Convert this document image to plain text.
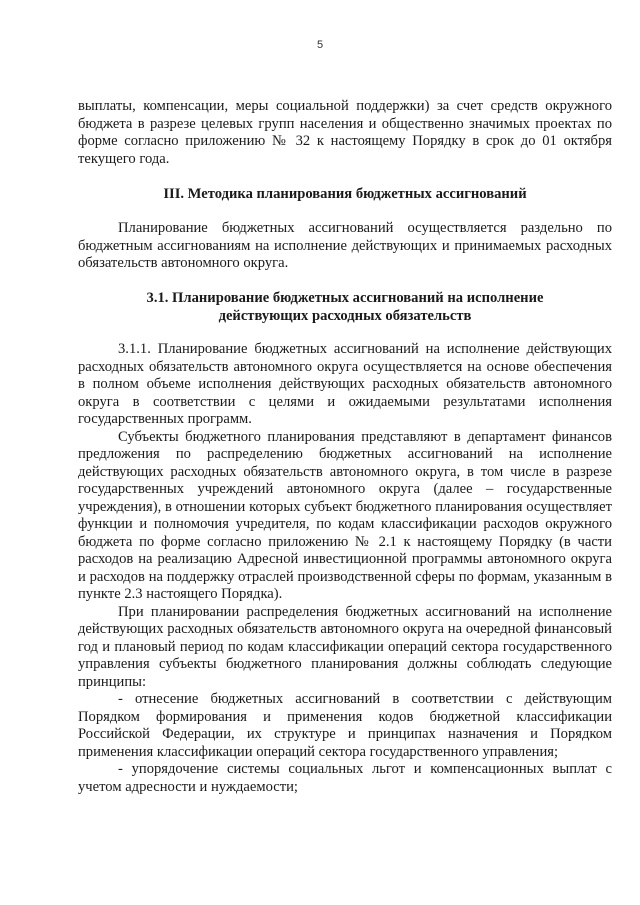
5

выплаты, компенсации, меры социальной поддержки) за счет средств окружного бюджета в разрезе целевых групп населения и общественно значимых проектах по форме согласно приложению № 32 к настоящему Порядку в срок до 01 октября текущего года.

III. Методика планирования бюджетных ассигнований

Планирование бюджетных ассигнований осуществляется раздельно по бюджетным ассигнованиям на исполнение действующих и принимаемых расходных обязательств автономного округа.

3.1. Планирование бюджетных ассигнований на исполнение
действующих расходных обязательств

3.1.1. Планирование бюджетных ассигнований на исполнение действующих расходных обязательств автономного округа осуществляется на основе обеспечения в полном объеме исполнения действующих расходных обязательств автономного округа в соответствии с целями и ожидаемыми результатами исполнения государственных программ.

Субъекты бюджетного планирования представляют в департамент финансов предложения по распределению бюджетных ассигнований на исполнение действующих расходных обязательств автономного округа, в том числе в разрезе государственных учреждений автономного округа (далее – государственные учреждения), в отношении которых субъект бюджетного планирования осуществляет функции и полномочия учредителя, по кодам классификации расходов окружного бюджета по форме согласно приложению № 2.1 к настоящему Порядку (в части расходов на реализацию Адресной инвестиционной программы автономного округа и расходов на поддержку отраслей производственной сферы по формам, указанным в пункте 2.3 настоящего Порядка).

При планировании распределения бюджетных ассигнований на исполнение действующих расходных обязательств автономного округа на очередной финансовый год и плановый период по кодам классификации операций сектора государственного управления субъекты бюджетного планирования должны соблюдать следующие принципы:

- отнесение бюджетных ассигнований в соответствии с действующим Порядком формирования и применения кодов бюджетной классификации Российской Федерации, их структуре и принципах назначения и Порядком применения классификации операций сектора государственного управления;

- упорядочение системы социальных льгот и компенсационных выплат с учетом адресности и нуждаемости;
